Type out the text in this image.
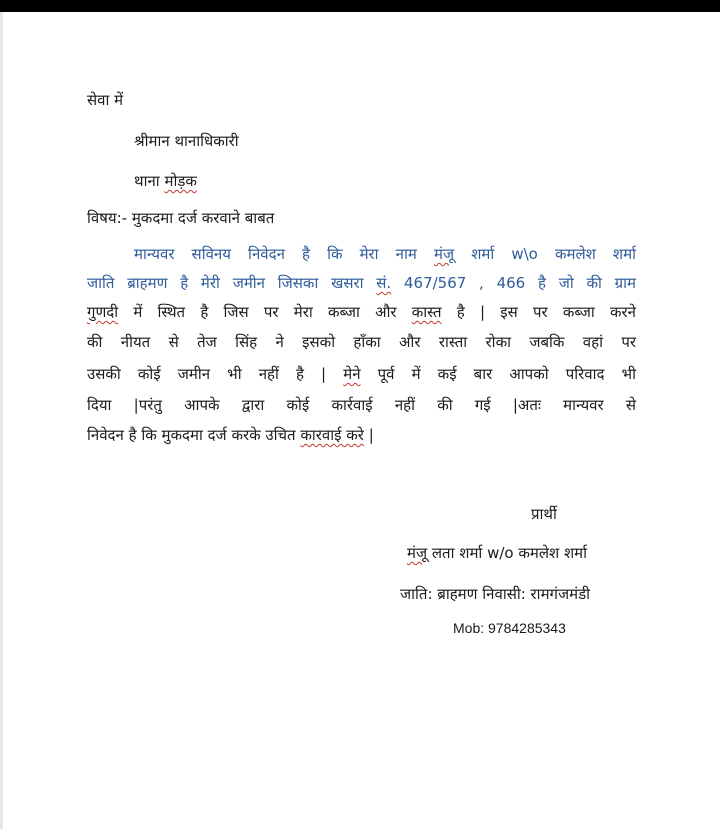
सेवा में
श्रीमान थानाधिकारी
थाना मोड़क
विषय:- मुकदमा दर्ज करवाने बाबत
मान्यवर सविनय निवेदन है कि मेरा नाम मंजू शर्मा w\o कमलेश शर्मा
जाति ब्राहमण है मेरी जमीन जिसका खसरा सं. 467/567 , 466 है जो की ग्राम
गुणदी में स्थित है जिस पर मेरा कब्जा और कास्त है | इस पर कब्जा करने
की नीयत से तेज सिंह ने इसको हाँका और रास्ता रोका जबकि वहां पर
उसकी कोई जमीन भी नहीं है | मेने पूर्व में कई बार आपको परिवाद भी
दिया |परंतु आपके द्वारा कोई कार्रवाई नहीं की गई |अतः मान्यवर से
निवेदन है कि मुकदमा दर्ज करके उचित कारवाई करे |
प्रार्थी
मंजू लता शर्मा w/o कमलेश शर्मा
जाति: ब्राहमण निवासी: रामगंजमंडी
Mob: 9784285343
